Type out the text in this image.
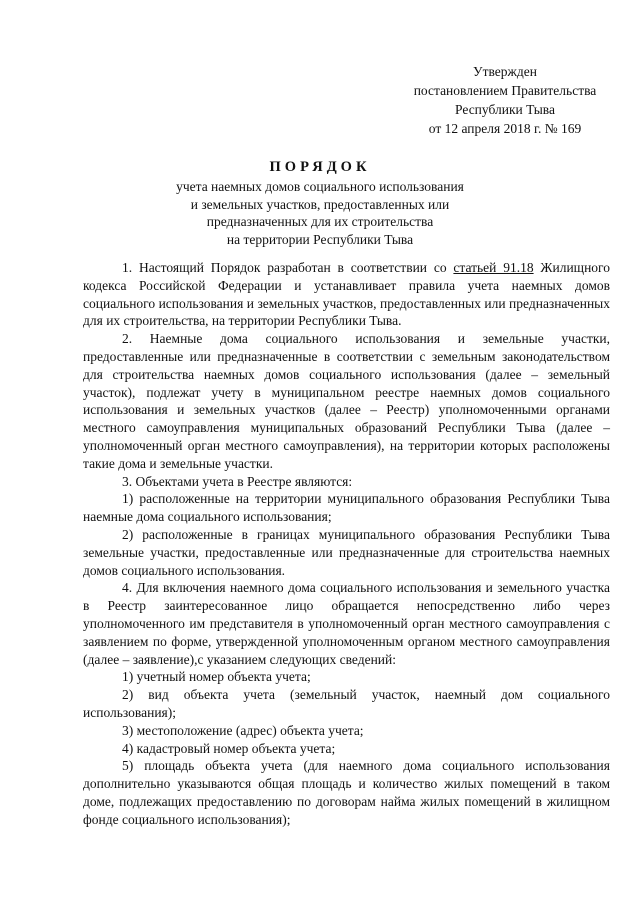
Утвержден
постановлением Правительства
Республики Тыва
от 12 апреля 2018 г. № 169
ПОРЯДОК
учета наемных домов социального использования
и земельных участков, предоставленных или
предназначенных для их строительства
на территории Республики Тыва

1. Настоящий Порядок разработан в соответствии со статьей 91.18 Жилищного кодекса Российской Федерации и устанавливает правила учета наемных домов социального использования и земельных участков, предоставленных или предназначенных для их строительства, на территории Республики Тыва.

2. Наемные дома социального использования и земельные участки, предоставленные или предназначенные в соответствии с земельным законодательством для строительства наемных домов социального использования (далее – земельный участок), подлежат учету в муниципальном реестре наемных домов социального использования и земельных участков (далее – Реестр) уполномоченными органами местного самоуправления муниципальных образований Республики Тыва (далее – уполномоченный орган местного самоуправления), на территории которых расположены такие дома и земельные участки.

3. Объектами учета в Реестре являются:

1) расположенные на территории муниципального образования Республики Тыва наемные дома социального использования;

2) расположенные в границах муниципального образования Республики Тыва земельные участки, предоставленные или предназначенные для строительства наемных домов социального использования.

4. Для включения наемного дома социального использования и земельного участка в Реестр заинтересованное лицо обращается непосредственно либо через уполномоченного им представителя в уполномоченный орган местного самоуправления с заявлением по форме, утвержденной уполномоченным органом местного самоуправления (далее – заявление),с указанием следующих сведений:

1) учетный номер объекта учета;

2) вид объекта учета (земельный участок, наемный дом социального использования);

3) местоположение (адрес) объекта учета;

4) кадастровый номер объекта учета;

5) площадь объекта учета (для наемного дома социального использования дополнительно указываются общая площадь и количество жилых помещений в таком доме, подлежащих предоставлению по договорам найма жилых помещений в жилищном фонде социального использования);
